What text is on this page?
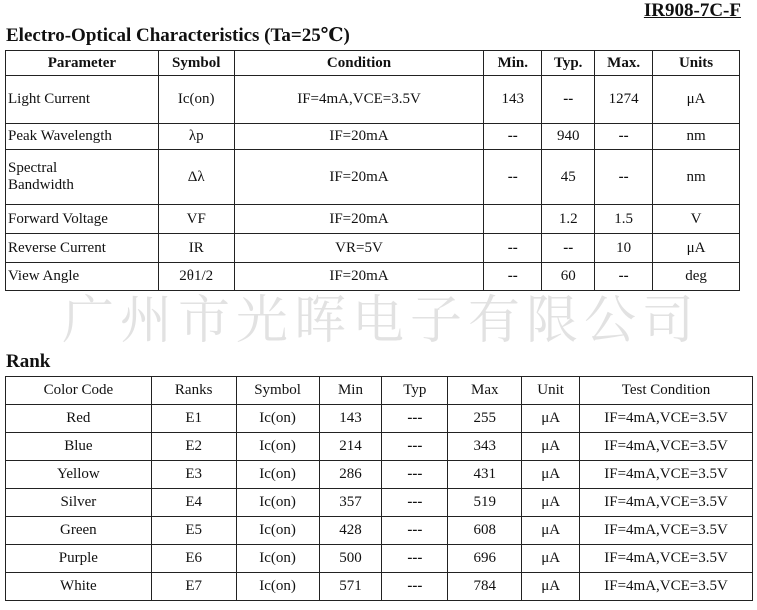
IR908-7C-F
Electro-Optical Characteristics (Ta=25℃)
Parameter	Symbol	Condition	Min.	Typ.	Max.	Units
Light Current	Ic(on)	IF=4mA,VCE=3.5V	143	--	1274	μA
Peak Wavelength	λp	IF=20mA	--	940	--	nm
Spectral
Bandwidth	Δλ	IF=20mA	--	45	--	nm
Forward Voltage	VF	IF=20mA		1.2	1.5	V
Reverse Current	IR	VR=5V	--	--	10	μA
View Angle	2θ1/2	IF=20mA	--	60	--	deg
广州市光晖电子有限公司
Rank
Color Code	Ranks	Symbol	Min	Typ	Max	Unit	Test Condition
Red	E1	Ic(on)	143	---	255	μA	IF=4mA,VCE=3.5V
Blue	E2	Ic(on)	214	---	343	μA	IF=4mA,VCE=3.5V
Yellow	E3	Ic(on)	286	---	431	μA	IF=4mA,VCE=3.5V
Silver	E4	Ic(on)	357	---	519	μA	IF=4mA,VCE=3.5V
Green	E5	Ic(on)	428	---	608	μA	IF=4mA,VCE=3.5V
Purple	E6	Ic(on)	500	---	696	μA	IF=4mA,VCE=3.5V
White	E7	Ic(on)	571	---	784	μA	IF=4mA,VCE=3.5V
